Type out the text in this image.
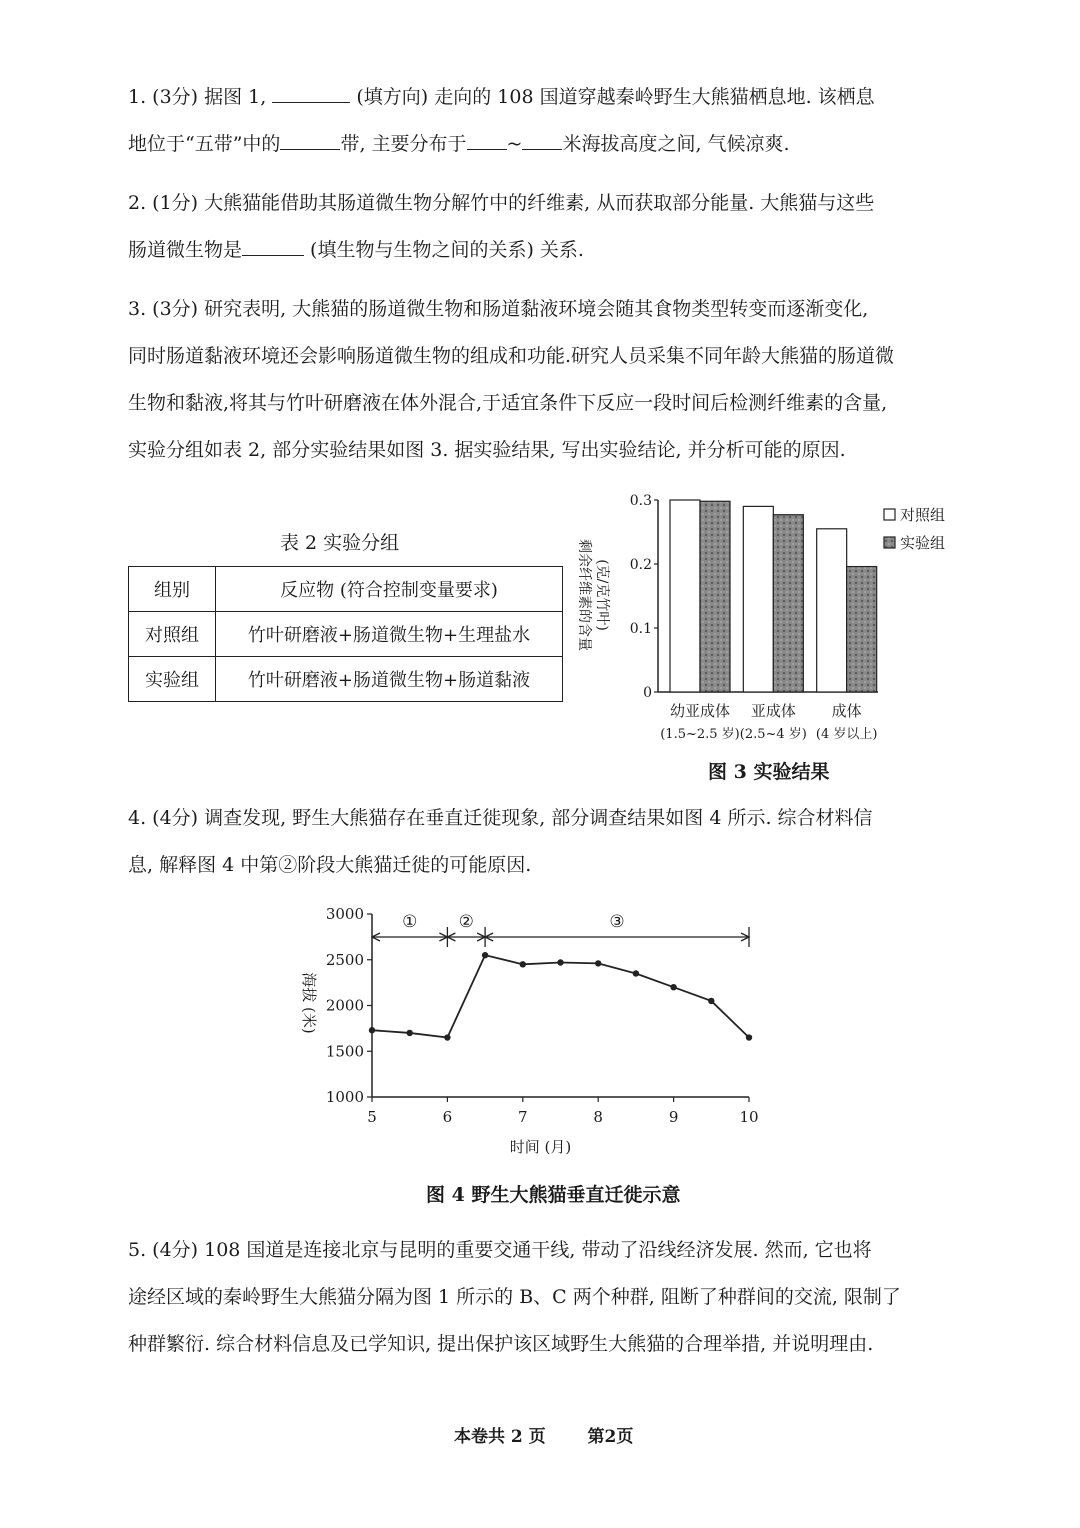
1. (3分) 据图 1,	(填方向) 走向的 108 国道穿越秦岭野生大熊猫栖息地. 该栖息

地位于“五带”中的	带, 主要分布于 ~ 米海拔高度之间, 气候凉爽.

2. (1分) 大熊猫能借助其肠道微生物分解竹中的纤维素, 从而获取部分能量. 大熊猫与这些

肠道微生物是	(填生物与生物之间的关系) 关系.

3. (3分) 研究表明, 大熊猫的肠道微生物和肠道黏液环境会随其食物类型转变而逐渐变化,

同时肠道黏液环境还会影响肠道微生物的组成和功能.研究人员采集不同年龄大熊猫的肠道微

生物和黏液,将其与竹叶研磨液在体外混合,于适宜条件下反应一段时间后检测纤维素的含量,

实验分组如表 2, 部分实验结果如图 3. 据实验结果, 写出实验结论, 并分析可能的原因.

表 2 实验分组
组别	反应物 (符合控制变量要求)
对照组	竹叶研磨液+肠道微生物+生理盐水
实验组	竹叶研磨液+肠道微生物+肠道黏液
剩余纤维素的含量 (克/克竹叶)
0
0.1
0.2
0.3
幼亚成体
(1.5~2.5 岁)
亚成体
(2.5~4 岁)
成体
(4 岁以上)
对照组
实验组
图 3 实验结果

4. (4分) 调查发现, 野生大熊猫存在垂直迁徙现象, 部分调查结果如图 4 所示. 综合材料信

息, 解释图 4 中第②阶段大熊猫迁徙的可能原因.

海拔 (米)
1000
1500
2000
2500
3000
5	6	7	8	9	10
时间 (月)
① ②	③
图 4 野生大熊猫垂直迁徙示意

5. (4分) 108 国道是连接北京与昆明的重要交通干线, 带动了沿线经济发展. 然而, 它也将

途经区域的秦岭野生大熊猫分隔为图 1 所示的 B、C 两个种群, 阻断了种群间的交流, 限制了

种群繁衍. 综合材料信息及已学知识, 提出保护该区域野生大熊猫的合理举措, 并说明理由.

本卷共 2 页 第2页
